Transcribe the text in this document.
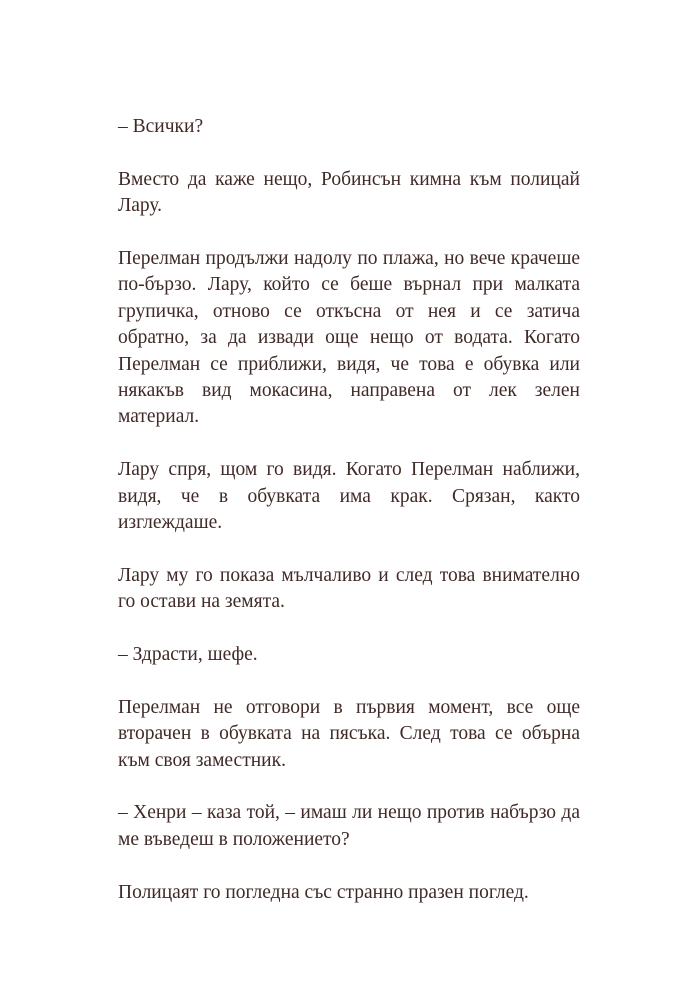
– Всички?

Вместо да каже нещо, Робинсън кимна към полицай Лару.

Перелман продължи надолу по плажа, но вече крачеше по-бързо. Лару, който се беше върнал при малката групичка, отново се откъсна от нея и се затича обратно, за да извади още нещо от водата. Когато Перелман се приближи, видя, че това е обувка или някакъв вид мокасина, направена от лек зелен материал.

Лару спря, щом го видя. Когато Перелман наближи, видя, че в обувката има крак. Срязан, както изглеждаше.

Лару му го показа мълчаливо и след това внимателно го остави на земята.

– Здрасти, шефе.

Перелман не отговори в първия момент, все още вторачен в обувката на пясъка. След това се обърна към своя заместник.

– Хенри – каза той, – имаш ли нещо против набързо да ме въведеш в положението?

Полицаят го погледна със странно празен поглед.
